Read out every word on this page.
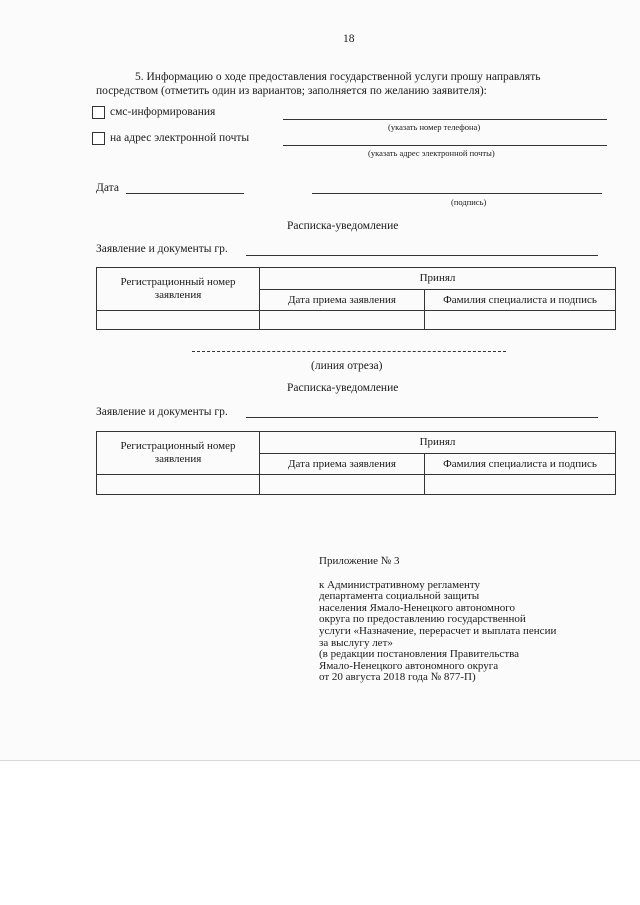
18
5. Информацию о ходе предоставления государственной услуги прошу направлять
посредством (отметить один из вариантов; заполняется по желанию заявителя):
смс-информирования
(указать номер телефона)
на адрес электронной почты
(указать адрес электронной почты)
Дата
(подпись)
Расписка-уведомление
Заявление и документы гр.
Регистрационный номер
заявления	Принял	
	Дата приема заявления	Фамилия специалиста и подпись

(линия отреза)
Расписка-уведомление
Заявление и документы гр.
Регистрационный номер
заявления	Принял	
	Дата приема заявления	Фамилия специалиста и подпись

Приложение № 3
к Административному регламенту
департамента социальной защиты
населения Ямало-Ненецкого автономного
округа по предоставлению государственной
услуги «Назначение, перерасчет и выплата пенсии
за выслугу лет»
(в редакции постановления Правительства
Ямало-Ненецкого автономного округа
от 20 августа 2018 года № 877-П)
